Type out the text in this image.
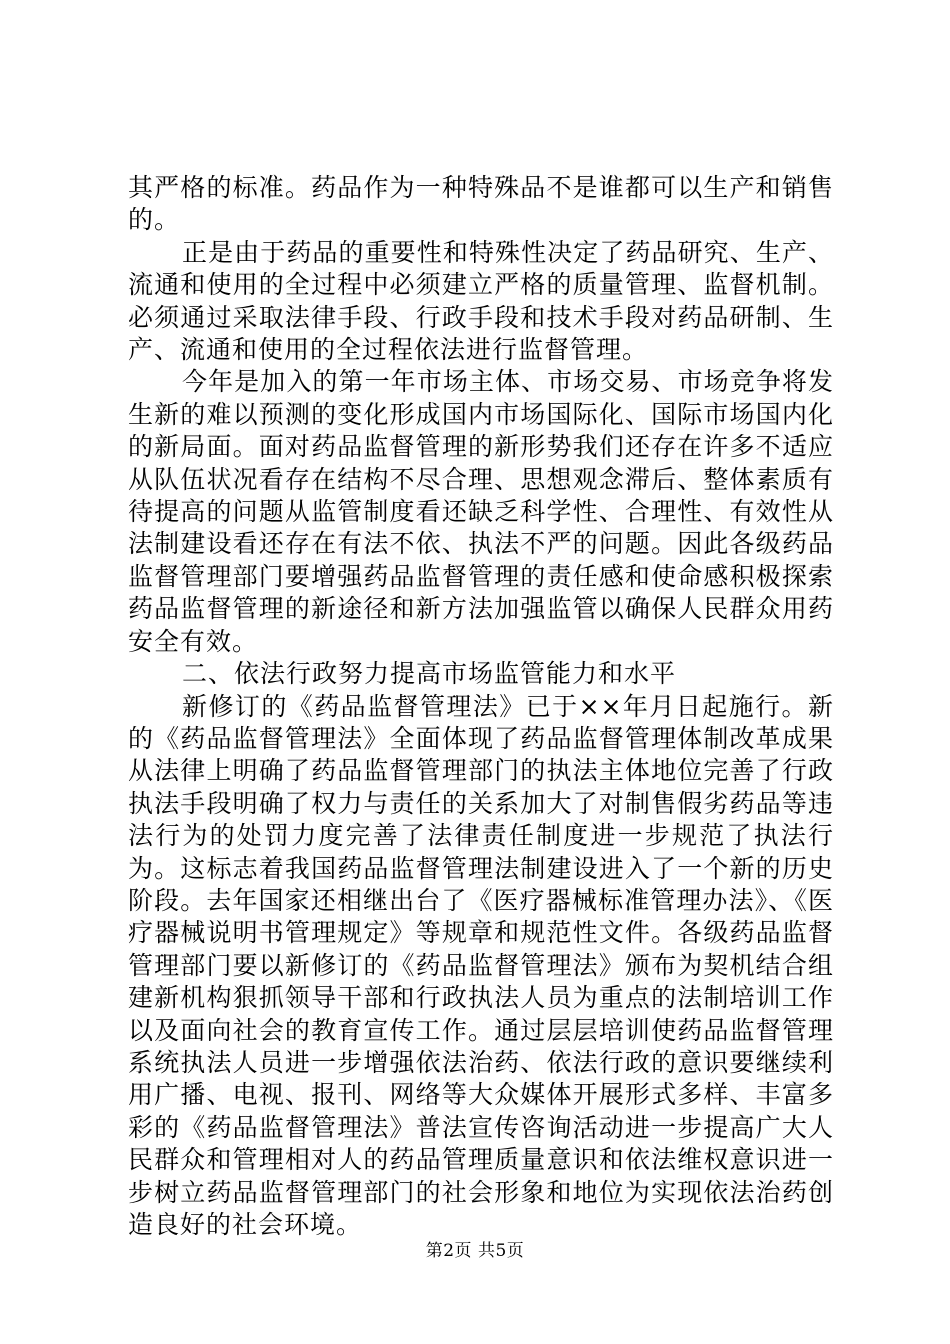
其严格的标准。药品作为一种特殊品不是谁都可以生产和销售的。

正是由于药品的重要性和特殊性决定了药品研究、生产、流通和使用的全过程中必须建立严格的质量管理、监督机制。必须通过采取法律手段、行政手段和技术手段对药品研制、生产、流通和使用的全过程依法进行监督管理。

今年是加入的第一年市场主体、市场交易、市场竞争将发生新的难以预测的变化形成国内市场国际化、国际市场国内化的新局面。面对药品监督管理的新形势我们还存在许多不适应从队伍状况看存在结构不尽合理、思想观念滞后、整体素质有待提高的问题从监管制度看还缺乏科学性、合理性、有效性从法制建设看还存在有法不依、执法不严的问题。因此各级药品监督管理部门要增强药品监督管理的责任感和使命感积极探索药品监督管理的新途径和新方法加强监管以确保人民群众用药安全有效。

二、依法行政努力提高市场监管能力和水平

新修订的《药品监督管理法》已于××年月日起施行。新的《药品监督管理法》全面体现了药品监督管理体制改革成果从法律上明确了药品监督管理部门的执法主体地位完善了行政执法手段明确了权力与责任的关系加大了对制售假劣药品等违法行为的处罚力度完善了法律责任制度进一步规范了执法行为。这标志着我国药品监督管理法制建设进入了一个新的历史阶段。去年国家还相继出台了《医疗器械标准管理办法》、《医疗器械说明书管理规定》等规章和规范性文件。各级药品监督管理部门要以新修订的《药品监督管理法》颁布为契机结合组建新机构狠抓领导干部和行政执法人员为重点的法制培训工作以及面向社会的教育宣传工作。通过层层培训使药品监督管理系统执法人员进一步增强依法治药、依法行政的意识要继续利用广播、电视、报刊、网络等大众媒体开展形式多样、丰富多彩的《药品监督管理法》普法宣传咨询活动进一步提高广大人民群众和管理相对人的药品管理质量意识和依法维权意识进一步树立药品监督管理部门的社会形象和地位为实现依法治药创造良好的社会环境。

第2页 共5页
